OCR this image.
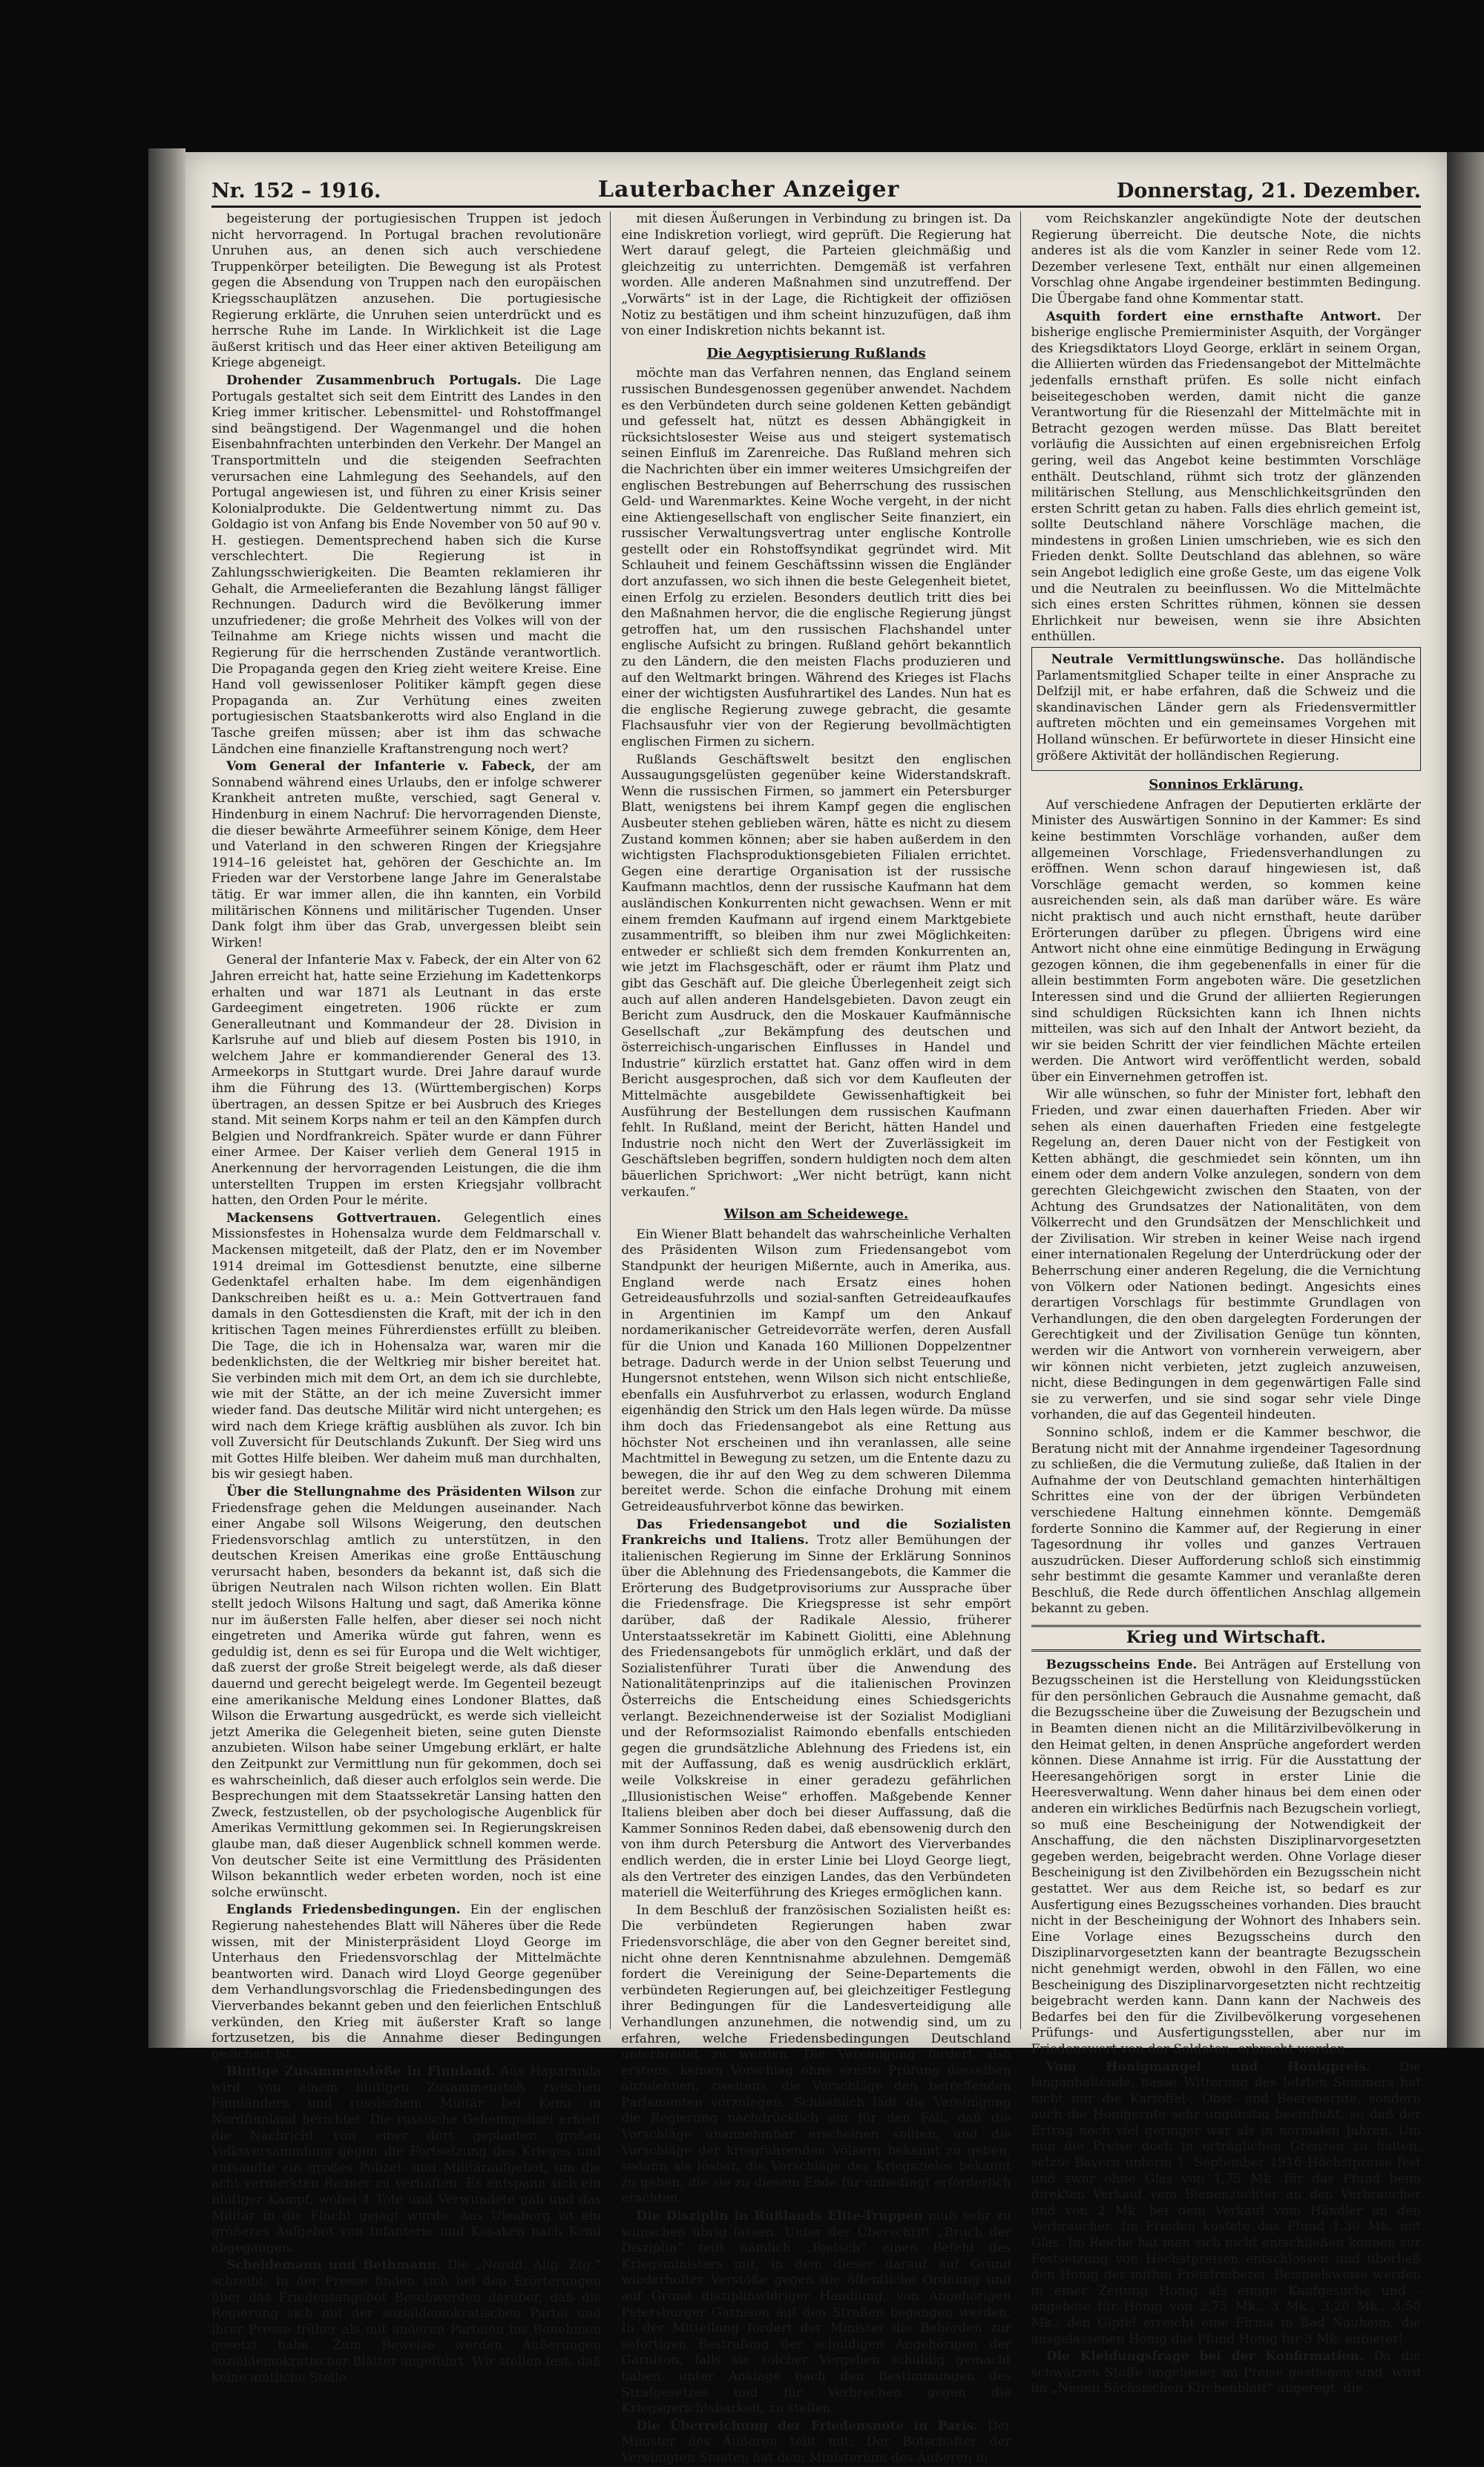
Nr. 152 – 1916.	Lauterbacher Anzeiger	Donnerstag, 21. Dezember.

begeisterung der portugiesischen Truppen ist jedoch nicht hervorragend. In Portugal brachen revolutionäre Unruhen aus, an denen sich auch verschiedene Truppenkörper beteiligten. Die Bewegung ist als Protest gegen die Absendung von Truppen nach den europäischen Kriegsschauplätzen anzusehen. Die portugiesische Regierung erklärte, die Unruhen seien unterdrückt und es herrsche Ruhe im Lande. In Wirklichkeit ist die Lage äußerst kritisch und das Heer einer aktiven Beteiligung am Kriege abgeneigt.

Drohender Zusammenbruch Portugals. Die Lage Portugals gestaltet sich seit dem Eintritt des Landes in den Krieg immer kritischer. Lebensmittel- und Rohstoffmangel sind beängstigend. Der Wagenmangel und die hohen Eisenbahnfrachten unterbinden den Verkehr. Der Mangel an Transportmitteln und die steigenden Seefrachten verursachen eine Lahmlegung des Seehandels, auf den Portugal angewiesen ist, und führen zu einer Krisis seiner Kolonialprodukte. Die Geldentwertung nimmt zu. Das Goldagio ist von Anfang bis Ende November von 50 auf 90 v. H. gestiegen. Dementsprechend haben sich die Kurse verschlechtert. Die Regierung ist in Zahlungsschwierigkeiten. Die Beamten reklamieren ihr Gehalt, die Armeelieferanten die Bezahlung längst fälliger Rechnungen. Dadurch wird die Bevölkerung immer unzufriedener; die große Mehrheit des Volkes will von der Teilnahme am Kriege nichts wissen und macht die Regierung für die herrschenden Zustände verantwortlich. Die Propaganda gegen den Krieg zieht weitere Kreise. Eine Hand voll gewissenloser Politiker kämpft gegen diese Propaganda an. Zur Verhütung eines zweiten portugiesischen Staatsbankerotts wird also England in die Tasche greifen müssen; aber ist ihm das schwache Ländchen eine finanzielle Kraftanstrengung noch wert?

Vom General der Infanterie v. Fabeck, der am Sonnabend während eines Urlaubs, den er infolge schwerer Krankheit antreten mußte, verschied, sagt General v. Hindenburg in einem Nachruf: Die hervorragenden Dienste, die dieser bewährte Armeeführer seinem Könige, dem Heer und Vaterland in den schweren Ringen der Kriegsjahre 1914–16 geleistet hat, gehören der Geschichte an. Im Frieden war der Verstorbene lange Jahre im Generalstabe tätig. Er war immer allen, die ihn kannten, ein Vorbild militärischen Könnens und militärischer Tugenden. Unser Dank folgt ihm über das Grab, unvergessen bleibt sein Wirken!

General der Infanterie Max v. Fabeck, der ein Alter von 62 Jahren erreicht hat, hatte seine Erziehung im Kadettenkorps erhalten und war 1871 als Leutnant in das erste Gardeegiment eingetreten. 1906 rückte er zum Generalleutnant und Kommandeur der 28. Division in Karlsruhe auf und blieb auf diesem Posten bis 1910, in welchem Jahre er kommandierender General des 13. Armeekorps in Stuttgart wurde. Drei Jahre darauf wurde ihm die Führung des 13. (Württembergischen) Korps übertragen, an dessen Spitze er bei Ausbruch des Krieges stand. Mit seinem Korps nahm er teil an den Kämpfen durch Belgien und Nordfrankreich. Später wurde er dann Führer einer Armee. Der Kaiser verlieh dem General 1915 in Anerkennung der hervorragenden Leistungen, die die ihm unterstellten Truppen im ersten Kriegsjahr vollbracht hatten, den Orden Pour le mérite.

Mackensens Gottvertrauen. Gelegentlich eines Missionsfestes in Hohensalza wurde dem Feldmarschall v. Mackensen mitgeteilt, daß der Platz, den er im November 1914 dreimal im Gottesdienst benutzte, eine silberne Gedenktafel erhalten habe. Im dem eigenhändigen Dankschreiben heißt es u. a.: Mein Gottvertrauen fand damals in den Gottesdiensten die Kraft, mit der ich in den kritischen Tagen meines Führerdienstes erfüllt zu bleiben. Die Tage, die ich in Hohensalza war, waren mir die bedenklichsten, die der Weltkrieg mir bisher bereitet hat. Sie verbinden mich mit dem Ort, an dem ich sie durchlebte, wie mit der Stätte, an der ich meine Zuversicht immer wieder fand. Das deutsche Militär wird nicht untergehen; es wird nach dem Kriege kräftig ausblühen als zuvor. Ich bin voll Zuversicht für Deutschlands Zukunft. Der Sieg wird uns mit Gottes Hilfe bleiben. Wer daheim muß man durchhalten, bis wir gesiegt haben.

Über die Stellungnahme des Präsidenten Wilson zur Friedensfrage gehen die Meldungen auseinander. Nach einer Angabe soll Wilsons Weigerung, den deutschen Friedensvorschlag amtlich zu unterstützen, in den deutschen Kreisen Amerikas eine große Enttäuschung verursacht haben, besonders da bekannt ist, daß sich die übrigen Neutralen nach Wilson richten wollen. Ein Blatt stellt jedoch Wilsons Haltung und sagt, daß Amerika könne nur im äußersten Falle helfen, aber dieser sei noch nicht eingetreten und Amerika würde gut fahren, wenn es geduldig ist, denn es sei für Europa und die Welt wichtiger, daß zuerst der große Streit beigelegt werde, als daß dieser dauernd und gerecht beigelegt werde. Im Gegenteil bezeugt eine amerikanische Meldung eines Londoner Blattes, daß Wilson die Erwartung ausgedrückt, es werde sich vielleicht jetzt Amerika die Gelegenheit bieten, seine guten Dienste anzubieten. Wilson habe seiner Umgebung erklärt, er halte den Zeitpunkt zur Vermittlung nun für gekommen, doch sei es wahrscheinlich, daß dieser auch erfolglos sein werde. Die Besprechungen mit dem Staatssekretär Lansing hatten den Zweck, festzustellen, ob der psychologische Augenblick für Amerikas Vermittlung gekommen sei. In Regierungskreisen glaube man, daß dieser Augenblick schnell kommen werde. Von deutscher Seite ist eine Vermittlung des Präsidenten Wilson bekanntlich weder erbeten worden, noch ist eine solche erwünscht.

Englands Friedensbedingungen. Ein der englischen Regierung nahestehendes Blatt will Näheres über die Rede wissen, mit der Ministerpräsident Lloyd George im Unterhaus den Friedensvorschlag der Mittelmächte beantworten wird. Danach wird Lloyd George gegenüber dem Verhandlungsvorschlag die Friedensbedingungen des Vierverbandes bekannt geben und den feierlichen Entschluß verkünden, den Krieg mit äußerster Kraft so lange fortzusetzen, bis die Annahme dieser Bedingungen gesichert ist.

Blutige Zusammenstöße in Finnland. Aus Haparanda wird von einem blutigen Zusammenstoß zwischen Finnländern und russischem Militär bei Kemi in Nordfinnland berichtet. Die russische Geheimpolizei erhielt die Nachricht von einer dort geplanten großen Volksversammlung gegen die Fortsetzung des Krieges und entsandte ein großes Polizei- und Militäraufgebot, um die acht vermerkten Redner zu verhaften. Es entspann sich ein blutiger Kampf, wobei 4 Tote und Verwundete gab und das Militär in die Flucht gejagt wurde. Aus Uleaborg ist ein größeres Aufgebot von Infanterie und Kosaken nach Kemi abgegangen.

Scheidemann und Bethmann. Die „Nordd. Allg. Ztg.“ schreibt: In der Presse finden sich bei den Erörterungen über das Friedensangebot Beschwerden darüber, daß die Regierung sich mit der sozialdemokratischen Partei und ihrer Presse früher als mit anderen Parteien ins Benehmen gesetzt habe. Zum Beweise werden Äußerungen sozialdemokratischer Blätter angeführt. Wir stellen fest, daß keine amtliche Stelle

mit diesen Äußerungen in Verbindung zu bringen ist. Da eine Indiskretion vorliegt, wird geprüft. Die Regierung hat Wert darauf gelegt, die Parteien gleichmäßig und gleichzeitig zu unterrichten. Demgemäß ist verfahren worden. Alle anderen Maßnahmen sind unzutreffend. Der „Vorwärts“ ist in der Lage, die Richtigkeit der offiziösen Notiz zu bestätigen und ihm scheint hinzuzufügen, daß ihm von einer Indiskretion nichts bekannt ist.

Die Aegyptisierung Rußlands

möchte man das Verfahren nennen, das England seinem russischen Bundesgenossen gegenüber anwendet. Nachdem es den Verbündeten durch seine goldenen Ketten gebändigt und gefesselt hat, nützt es dessen Abhängigkeit in rücksichtslosester Weise aus und steigert systematisch seinen Einfluß im Zarenreiche. Das Rußland mehren sich die Nachrichten über ein immer weiteres Umsichgreifen der englischen Bestrebungen auf Beherrschung des russischen Geld- und Warenmarktes. Keine Woche vergeht, in der nicht eine Aktiengesellschaft von englischer Seite finanziert, ein russischer Verwaltungsvertrag unter englische Kontrolle gestellt oder ein Rohstoffsyndikat gegründet wird. Mit Schlauheit und feinem Geschäftssinn wissen die Engländer dort anzufassen, wo sich ihnen die beste Gelegenheit bietet, einen Erfolg zu erzielen. Besonders deutlich tritt dies bei den Maßnahmen hervor, die die englische Regierung jüngst getroffen hat, um den russischen Flachshandel unter englische Aufsicht zu bringen. Rußland gehört bekanntlich zu den Ländern, die den meisten Flachs produzieren und auf den Weltmarkt bringen. Während des Krieges ist Flachs einer der wichtigsten Ausfuhrartikel des Landes. Nun hat es die englische Regierung zuwege gebracht, die gesamte Flachsausfuhr vier von der Regierung bevollmächtigten englischen Firmen zu sichern.

Rußlands Geschäftswelt besitzt den englischen Aussaugungsgelüsten gegenüber keine Widerstandskraft. Wenn die russischen Firmen, so jammert ein Petersburger Blatt, wenigstens bei ihrem Kampf gegen die englischen Ausbeuter stehen geblieben wären, hätte es nicht zu diesem Zustand kommen können; aber sie haben außerdem in den wichtigsten Flachsproduktionsgebieten Filialen errichtet. Gegen eine derartige Organisation ist der russische Kaufmann machtlos, denn der russische Kaufmann hat dem ausländischen Konkurrenten nicht gewachsen. Wenn er mit einem fremden Kaufmann auf irgend einem Marktgebiete zusammentrifft, so bleiben ihm nur zwei Möglichkeiten: entweder er schließt sich dem fremden Konkurrenten an, wie jetzt im Flachsgeschäft, oder er räumt ihm Platz und gibt das Geschäft auf. Die gleiche Überlegenheit zeigt sich auch auf allen anderen Handelsgebieten. Davon zeugt ein Bericht zum Ausdruck, den die Moskauer Kaufmännische Gesellschaft „zur Bekämpfung des deutschen und österreichisch-ungarischen Einflusses in Handel und Industrie“ kürzlich erstattet hat. Ganz offen wird in dem Bericht ausgesprochen, daß sich vor dem Kaufleuten der Mittelmächte ausgebildete Gewissenhaftigkeit bei Ausführung der Bestellungen dem russischen Kaufmann fehlt. In Rußland, meint der Bericht, hätten Handel und Industrie noch nicht den Wert der Zuverlässigkeit im Geschäftsleben begriffen, sondern huldigten noch dem alten bäuerlichen Sprichwort: „Wer nicht betrügt, kann nicht verkaufen.“

Wilson am Scheidewege.

Ein Wiener Blatt behandelt das wahrscheinliche Verhalten des Präsidenten Wilson zum Friedensangebot vom Standpunkt der heurigen Mißernte, auch in Amerika, aus. England werde nach Ersatz eines hohen Getreideausfuhrzolls und sozial-sanften Getreideaufkaufes in Argentinien im Kampf um den Ankauf nordamerikanischer Getreidevorräte werfen, deren Ausfall für die Union und Kanada 160 Millionen Doppelzentner betrage. Dadurch werde in der Union selbst Teuerung und Hungersnot entstehen, wenn Wilson sich nicht entschließe, ebenfalls ein Ausfuhrverbot zu erlassen, wodurch England eigenhändig den Strick um den Hals legen würde. Da müsse ihm doch das Friedensangebot als eine Rettung aus höchster Not erscheinen und ihn veranlassen, alle seine Machtmittel in Bewegung zu setzen, um die Entente dazu zu bewegen, die ihr auf den Weg zu dem schweren Dilemma bereitet werde. Schon die einfache Drohung mit einem Getreideausfuhrverbot könne das bewirken.

Das Friedensangebot und die Sozialisten Frankreichs und Italiens. Trotz aller Bemühungen der italienischen Regierung im Sinne der Erklärung Sonninos über die Ablehnung des Friedensangebots, die Kammer die Erörterung des Budgetprovisoriums zur Aussprache über die Friedensfrage. Die Kriegspresse ist sehr empört darüber, daß der Radikale Alessio, früherer Unterstaatssekretär im Kabinett Giolitti, eine Ablehnung des Friedensangebots für unmöglich erklärt, und daß der Sozialistenführer Turati über die Anwendung des Nationalitätenprinzips auf die italienischen Provinzen Österreichs die Entscheidung eines Schiedsgerichts verlangt. Bezeichnenderweise ist der Sozialist Modigliani und der Reformsozialist Raimondo ebenfalls entschieden gegen die grundsätzliche Ablehnung des Friedens ist, ein mit der Auffassung, daß es wenig ausdrücklich erklärt, weile Volkskreise in einer geradezu gefährlichen „Illusionistischen Weise“ erhoffen. Maßgebende Kenner Italiens bleiben aber doch bei dieser Auffassung, daß die Kammer Sonninos Reden dabei, daß ebensowenig durch den von ihm durch Petersburg die Antwort des Vierverbandes endlich werden, die in erster Linie bei Lloyd George liegt, als den Vertreter des einzigen Landes, das den Verbündeten materiell die Weiterführung des Krieges ermöglichen kann.

In dem Beschluß der französischen Sozialisten heißt es: Die verbündeten Regierungen haben zwar Friedensvorschläge, die aber von den Gegner bereitet sind, nicht ohne deren Kenntnisnahme abzulehnen. Demgemäß fordert die Vereinigung der Seine-Departements die verbündeten Regierungen auf, bei gleichzeitiger Festlegung ihrer Bedingungen für die Landesverteidigung alle Verhandlungen anzunehmen, die notwendig sind, um zu erfahren, welche Friedensbedingungen Deutschland unterbreitet zu werden. Die Vereinigung fordert also erstens, keinen Vorschlag ohne ernste Prüfung desselben abzulehnen, zweitens, die Vorschläge den betreffenden Parlamenten vorzulegen. Schließlich lädt die Vereinigung die Regierung nachdrücklich ein für den Fall, daß die Vorschläge unannehmbar erscheinen sollten, und die Vorschläge der kriegführenden Völkern bekannt zu geben; sodann als lösbar, die Vorschläge des Kriegszieles bekannt zu geben, die sie zu diesem Ende für unbedingt erforderlich erachten.

Die Disziplin in Rußlands Elite-Truppen muß sehr zu wünschen übrig lassen. Unter der Überschrift „Bruch der Disziplin“ teilt nämlich „Rjetsch“ einen Befehl des Kriegsministers mit, in dem dieser darauf auf Grund wiederholter Verstöße gegen die öffentliche Ordnung und auf Grund disziplinwidriger Handlung, von Angehörigen Petersburger Garnison auf den Straßen begangen werden. In der Mitteilung fordert der Minister die Behörden zur sofortigen Bestrafung der schuldigen Angehörigen der Garnison, falls sie solcher Vergehen schuldig gemacht haben, unter Anklage nach den Bestimmungen des Strafgesetzes und für Verbrechen gegen die Kriegsgerichtsbarkeit, zu stellen.

Die Überreichung der Friedensnote in Paris. Der Minister des Äußeren teilt mit: Der Botschafter der Vereinigten Staaten hat dem Ministerium des Äußeren in

vom Reichskanzler angekündigte Note der deutschen Regierung überreicht. Die deutsche Note, die nichts anderes ist als die vom Kanzler in seiner Rede vom 12. Dezember verlesene Text, enthält nur einen allgemeinen Vorschlag ohne Angabe irgendeiner bestimmten Bedingung. Die Übergabe fand ohne Kommentar statt.

Asquith fordert eine ernsthafte Antwort. Der bisherige englische Premierminister Asquith, der Vorgänger des Kriegsdiktators Lloyd George, erklärt in seinem Organ, die Alliierten würden das Friedensangebot der Mittelmächte jedenfalls ernsthaft prüfen. Es solle nicht einfach beiseitegeschoben werden, damit nicht die ganze Verantwortung für die Riesenzahl der Mittelmächte mit in Betracht gezogen werden müsse. Das Blatt bereitet vorläufig die Aussichten auf einen ergebnisreichen Erfolg gering, weil das Angebot keine bestimmten Vorschläge enthält. Deutschland, rühmt sich trotz der glänzenden militärischen Stellung, aus Menschlichkeitsgründen den ersten Schritt getan zu haben. Falls dies ehrlich gemeint ist, sollte Deutschland nähere Vorschläge machen, die mindestens in großen Linien umschrieben, wie es sich den Frieden denkt. Sollte Deutschland das ablehnen, so wäre sein Angebot lediglich eine große Geste, um das eigene Volk und die Neutralen zu beeinflussen. Wo die Mittelmächte sich eines ersten Schrittes rühmen, können sie dessen Ehrlichkeit nur beweisen, wenn sie ihre Absichten enthüllen.

Neutrale Vermittlungswünsche. Das holländische Parlamentsmitglied Schaper teilte in einer Ansprache zu Delfzijl mit, er habe erfahren, daß die Schweiz und die skandinavischen Länder gern als Friedensvermittler auftreten möchten und ein gemeinsames Vorgehen mit Holland wünschen. Er befürwortete in dieser Hinsicht eine größere Aktivität der holländischen Regierung.

Sonninos Erklärung.

Auf verschiedene Anfragen der Deputierten erklärte der Minister des Auswärtigen Sonnino in der Kammer: Es sind keine bestimmten Vorschläge vorhanden, außer dem allgemeinen Vorschlage, Friedensverhandlungen zu eröffnen. Wenn schon darauf hingewiesen ist, daß Vorschläge gemacht werden, so kommen keine ausreichenden sein, als daß man darüber wäre. Es wäre nicht praktisch und auch nicht ernsthaft, heute darüber Erörterungen darüber zu pflegen. Übrigens wird eine Antwort nicht ohne eine einmütige Bedingung in Erwägung gezogen können, die ihm gegebenenfalls in einer für die allein bestimmten Form angeboten wäre. Die gesetzlichen Interessen sind und die Grund der alliierten Regierungen sind schuldigen Rücksichten kann ich Ihnen nichts mitteilen, was sich auf den Inhalt der Antwort bezieht, da wir sie beiden Schritt der vier feindlichen Mächte erteilen werden. Die Antwort wird veröffentlicht werden, sobald über ein Einvernehmen getroffen ist.

Wir alle wünschen, so fuhr der Minister fort, lebhaft den Frieden, und zwar einen dauerhaften Frieden. Aber wir sehen als einen dauerhaften Frieden eine festgelegte Regelung an, deren Dauer nicht von der Festigkeit von Ketten abhängt, die geschmiedet sein könnten, um ihn einem oder dem andern Volke anzulegen, sondern von dem gerechten Gleichgewicht zwischen den Staaten, von der Achtung des Grundsatzes der Nationalitäten, von dem Völkerrecht und den Grundsätzen der Menschlichkeit und der Zivilisation. Wir streben in keiner Weise nach irgend einer internationalen Regelung der Unterdrückung oder der Beherrschung einer anderen Regelung, die die Vernichtung von Völkern oder Nationen bedingt. Angesichts eines derartigen Vorschlags für bestimmte Grundlagen von Verhandlungen, die den oben dargelegten Forderungen der Gerechtigkeit und der Zivilisation Genüge tun könnten, werden wir die Antwort von vornherein verweigern, aber wir können nicht verbieten, jetzt zugleich anzuweisen, nicht, diese Bedingungen in dem gegenwärtigen Falle sind sie zu verwerfen, und sie sind sogar sehr viele Dinge vorhanden, die auf das Gegenteil hindeuten.

Sonnino schloß, indem er die Kammer beschwor, die Beratung nicht mit der Annahme irgendeiner Tagesordnung zu schließen, die die Vermutung zuließe, daß Italien in der Aufnahme der von Deutschland gemachten hinterhältigen Schrittes eine von der der übrigen Verbündeten verschiedene Haltung einnehmen könnte. Demgemäß forderte Sonnino die Kammer auf, der Regierung in einer Tagesordnung ihr volles und ganzes Vertrauen auszudrücken. Dieser Aufforderung schloß sich einstimmig sehr bestimmt die gesamte Kammer und veranlaßte deren Beschluß, die Rede durch öffentlichen Anschlag allgemein bekannt zu geben.

Krieg und Wirtschaft.

Bezugsscheins Ende. Bei Anträgen auf Erstellung von Bezugsscheinen ist die Herstellung von Kleidungsstücken für den persönlichen Gebrauch die Ausnahme gemacht, daß die Bezugsscheine über die Zuweisung der Bezugschein und in Beamten dienen nicht an die Militärzivilbevölkerung in den Heimat gelten, in denen Ansprüche angefordert werden können. Diese Annahme ist irrig. Für die Ausstattung der Heeresangehörigen sorgt in erster Linie die Heeresverwaltung. Wenn daher hinaus bei dem einen oder anderen ein wirkliches Bedürfnis nach Bezugschein vorliegt, so muß eine Bescheinigung der Notwendigkeit der Anschaffung, die den nächsten Disziplinarvorgesetzten gegeben werden, beigebracht werden. Ohne Vorlage dieser Bescheinigung ist den Zivilbehörden ein Bezugsschein nicht gestattet. Wer aus dem Reiche ist, so bedarf es zur Ausfertigung eines Bezugsscheines vorhanden. Dies braucht nicht in der Bescheinigung der Wohnort des Inhabers sein. Eine Vorlage eines Bezugsscheins durch den Disziplinarvorgesetzten kann der beantragte Bezugsschein nicht genehmigt werden, obwohl in den Fällen, wo eine Bescheinigung des Disziplinarvorgesetzten nicht rechtzeitig beigebracht werden kann. Dann kann der Nachweis des Bedarfes bei den für die Zivilbevölkerung vorgesehenen Prüfungs- und Ausfertigungsstellen, aber nur im Friedenswert von der Soldaten, erbracht werden.

Vom Honigmangel und Honigpreis. Die langanhaltende, nasse Witterung des letzten Sommers hat nicht nur die Kartoffel-, Obst- und Beerenernte, sondern auch die Honigernte sehr ungünstig beeinflußt, so daß der Ertrag noch viel geringer war als in normalen Jahren. Um nun die Preise doch in erträglichen Grenzen zu halten, setzte Bayern unterm 1. September 1916 Höchstpreise fest und zwar ohne Glas von 1,75 Mk. für das Pfund beim direkten Verkauf vom Bienenzüchter an den Verbraucher und von 2 Mk. bei dem Verkauf vom Händler an den Verbraucher. Im Frieden kostete das Pfund 1,30 Mk. mit Glas. Im Reiche hat man sich nicht entschließen können zur Festsetzung von Höchstpreisen entschlossen und überließ den Honig der mithin Preistreiberei. Beispielsweise werden in einer Zeitung Honig als einige Kaufgesuche und -angebote für Honig von 2,75 Mk., 3 Mk., 3,20 Mk., 3,50 Mk.; den Gipfel erreicht eine Firma in Bad Nauheim, die ausgelassenen Honig das Pfund Honig für 3 Mk. anbietet!

Die Kleidungsfrage bei der Konfirmation. Da die schwarzen Stoffe ungeheuer im Preise gestiegen sind, wird im „Neuen Sächsischen Kirchenblatt“ angeregt, die
